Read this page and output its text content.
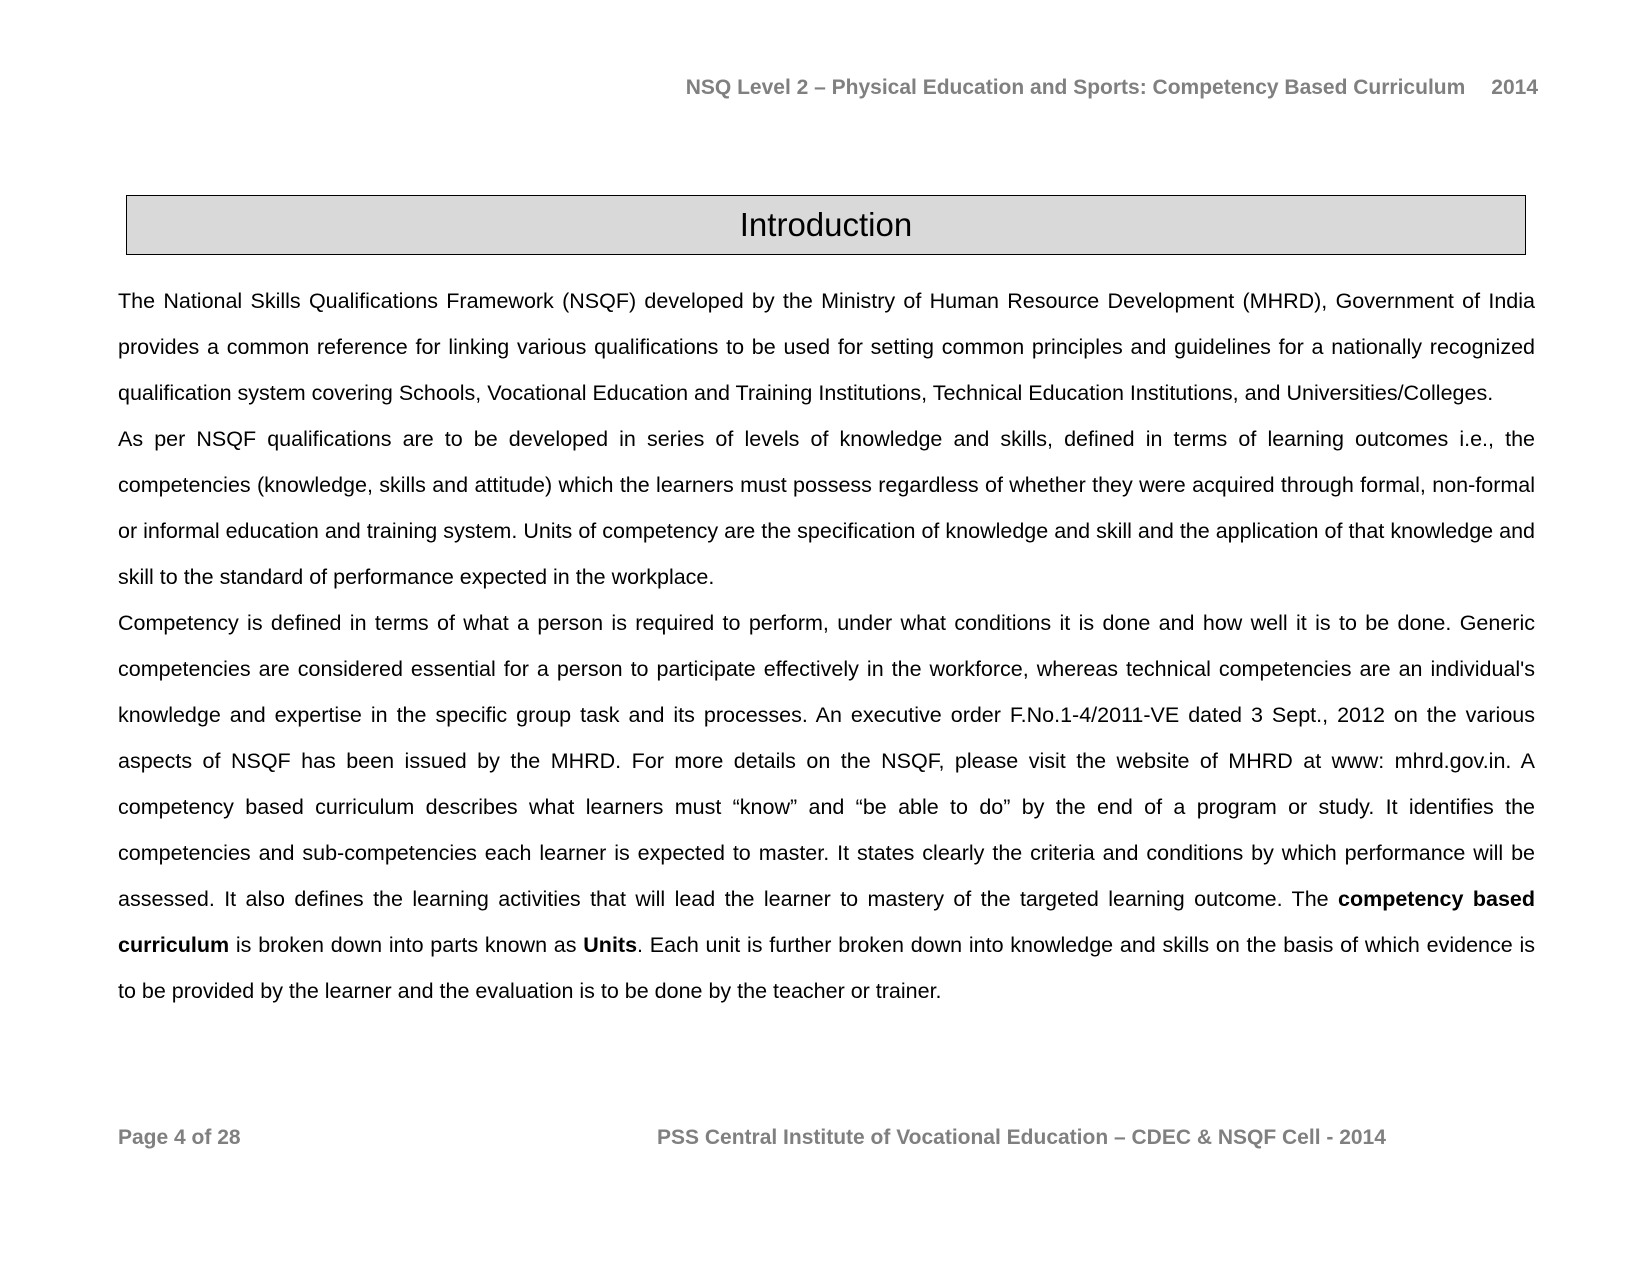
NSQ Level 2 – Physical Education and Sports: Competency Based Curriculum 2014
Introduction

The National Skills Qualifications Framework (NSQF) developed by the Ministry of Human Resource Development (MHRD), Government of India provides a common reference for linking various qualifications to be used for setting common principles and guidelines for a nationally recognized qualification system covering Schools, Vocational Education and Training Institutions, Technical Education Institutions, and Universities/Colleges.

As per NSQF qualifications are to be developed in series of levels of knowledge and skills, defined in terms of learning outcomes i.e., the competencies (knowledge, skills and attitude) which the learners must possess regardless of whether they were acquired through formal, non-formal or informal education and training system. Units of competency are the specification of knowledge and skill and the application of that knowledge and skill to the standard of performance expected in the workplace.

Competency is defined in terms of what a person is required to perform, under what conditions it is done and how well it is to be done. Generic competencies are considered essential for a person to participate effectively in the workforce, whereas technical competencies are an individual's knowledge and expertise in the specific group task and its processes. An executive order F.No.1-4/2011-VE dated 3 Sept., 2012 on the various aspects of NSQF has been issued by the MHRD. For more details on the NSQF, please visit the website of MHRD at www: mhrd.gov.in. A competency based curriculum describes what learners must “know” and “be able to do” by the end of a program or study. It identifies the competencies and sub-competencies each learner is expected to master. It states clearly the criteria and conditions by which performance will be assessed. It also defines the learning activities that will lead the learner to mastery of the targeted learning outcome. The competency based curriculum is broken down into parts known as Units. Each unit is further broken down into knowledge and skills on the basis of which evidence is to be provided by the learner and the evaluation is to be done by the teacher or trainer.

Page 4 of 28	PSS Central Institute of Vocational Education – CDEC & NSQF Cell - 2014
